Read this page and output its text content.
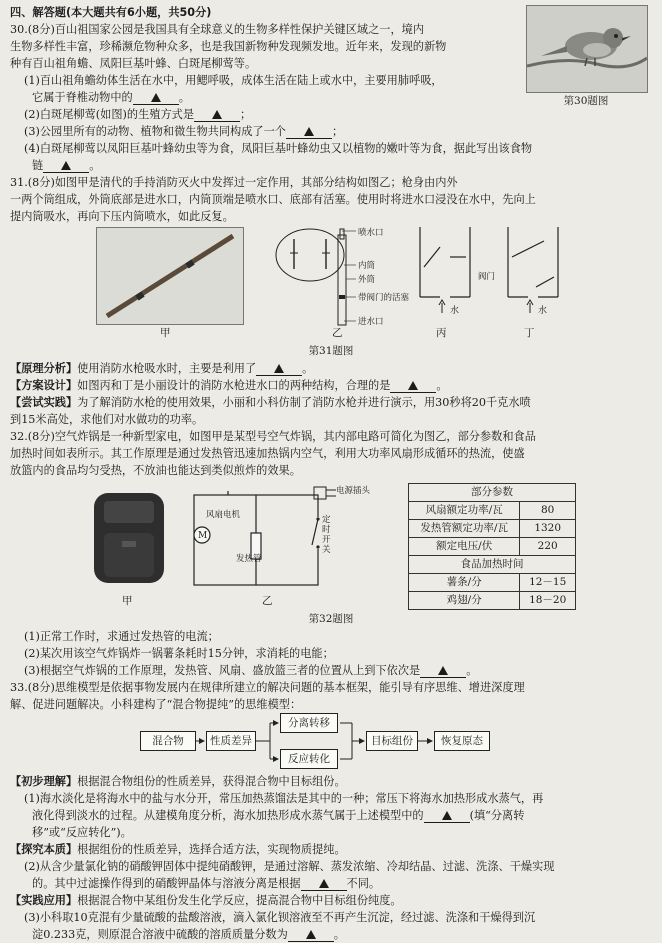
四、解答题(本大题共有6小题，共50分)
30.(8分)百山祖国家公园是我国具有全球意义的生物多样性保护关键区域之一，境内
生物多样性丰富，珍稀濒危物种众多，也是我国新物种发现频发地。近年来，发现的新物
种有百山祖角蟾、凤阳巨基叶蜂、白斑尾柳莺等。
(1)百山祖角蟾幼体生活在水中，用鳃呼吸，成体生活在陆上或水中，主要用肺呼吸，
它属于脊椎动物中的	。
(2)白斑尾柳莺(如图)的生殖方式是	；
第30题图
(3)公园里所有的动物、植物和微生物共同构成了一个	；
(4)白斑尾柳莺以凤阳巨基叶蜂幼虫等为食，凤阳巨基叶蜂幼虫又以植物的嫩叶等为食，据此写出该食物
链	。
31.(8分)如图甲是清代的手持消防灭火中发挥过一定作用，其部分结构如图乙；枪身由内外
一两个筒组成，外筒底部是进水口，内筒顶端是喷水口、底部有活塞。使用时将进水口浸没在水中，先向上
提内筒吸水，再向下压内筒喷水，如此反复。
甲
喷水口
内筒
外筒
带阀门的活塞
进水口
乙
水
丙
阀门
水
丁
第31题图
【原理分析】使用消防水枪吸水时，主要是利用了	。
【方案设计】如图丙和丁是小丽设计的消防水枪进水口的两种结构，合理的是	。
【尝试实践】为了解消防水枪的使用效果，小丽和小科仿制了消防水枪并进行演示，用30秒将20千克水喷
到15米高处，求他们对水做功的功率。
32.(8分)空气炸锅是一种新型家电，如图甲是某型号空气炸锅，其内部电路可简化为图乙，部分参数和食品
加热时间如表所示。其工作原理是通过发热管迅速加热锅内空气，利用大功率风扇形成循环的热流，使盛
放篮内的食品均匀受热，不放油也能达到类似煎炸的效果。
甲
M
风扇电机
发热管
电源插头
定时开关
乙
部分参数	
风扇额定功率/瓦	80
发热管额定功率/瓦	1320
额定电压/伏	220
食品加热时间	
薯条/分	12－15
鸡翅/分	18－20
第32题图
(1)正常工作时，求通过发热管的电流；
(2)某次用该空气炸锅炸一锅薯条耗时15分钟，求消耗的电能；
(3)根据空气炸锅的工作原理，发热管、风扇、盛放篮三者的位置从上到下依次是	。
33.(8分)思维模型是依据事物发展内在规律所建立的解决问题的基本框架，能引导有序思维、增进深度理
解、促进问题解决。小科建构了“混合物提纯”的思维模型：
混合物	性质差异
分离转移
反应转化
目标组份	恢复原态
【初步理解】根据混合物组份的性质差异，获得混合物中目标组份。
(1)海水淡化是将海水中的盐与水分开，常压加热蒸馏法是其中的一种；常压下将海水加热形成水蒸气，再
液化得到淡水的过程。从建模角度分析，海水加热形成水蒸气属于上述模型中的	(填“分离转
移”或“反应转化”)。
【探究本质】根据组份的性质差异，选择合适方法，实现物质提纯。
(2)从含少量氯化钠的硝酸钾固体中提纯硝酸钾，是通过溶解、蒸发浓缩、冷却结晶、过滤、洗涤、干燥实现
的。其中过滤操作得到的硝酸钾晶体与溶液分离是根据	不同。
【实践应用】根据混合物中某组份发生化学反应，提高混合物中目标组份纯度。
(3)小科取10克混有少量硫酸的盐酸溶液，滴入氯化钡溶液至不再产生沉淀，经过滤、洗涤和干燥得到沉
淀0.233克，则原混合溶液中硫酸的溶质质量分数为	。
